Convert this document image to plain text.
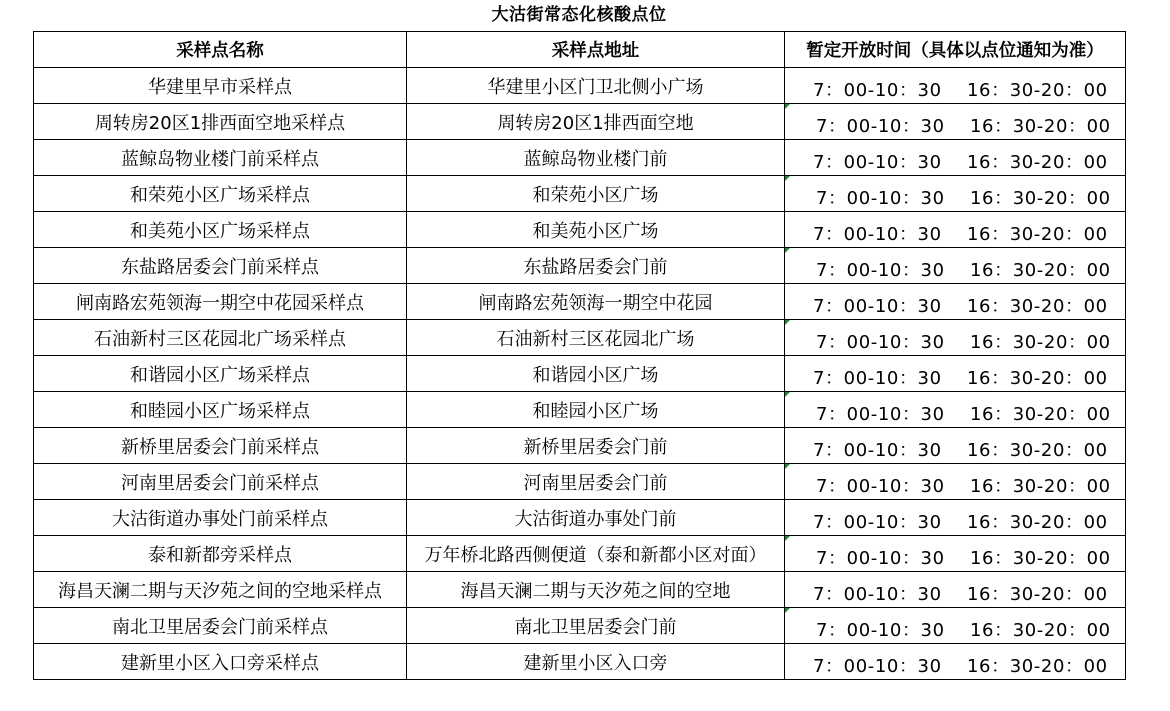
大沽街常态化核酸点位
采样点名称	采样点地址	暂定开放时间（具体以点位通知为准）
华建里早市采样点	华建里小区门卫北侧小广场	7：00-10：30 16：30-20：00

周转房20区1排西面空地采样点	周转房20区1排西面空地	7：00-10：30 16：30-20：00

蓝鲸岛物业楼门前采样点	蓝鲸岛物业楼门前	7：00-10：30 16：30-20：00

和荣苑小区广场采样点	和荣苑小区广场	7：00-10：30 16：30-20：00

和美苑小区广场采样点	和美苑小区广场	7：00-10：30 16：30-20：00

东盐路居委会门前采样点	东盐路居委会门前	7：00-10：30 16：30-20：00

闸南路宏苑领海一期空中花园采样点	闸南路宏苑领海一期空中花园	7：00-10：30 16：30-20：00

石油新村三区花园北广场采样点	石油新村三区花园北广场	7：00-10：30 16：30-20：00

和谐园小区广场采样点	和谐园小区广场	7：00-10：30 16：30-20：00

和睦园小区广场采样点	和睦园小区广场	7：00-10：30 16：30-20：00

新桥里居委会门前采样点	新桥里居委会门前	7：00-10：30 16：30-20：00

河南里居委会门前采样点	河南里居委会门前	7：00-10：30 16：30-20：00

大沽街道办事处门前采样点	大沽街道办事处门前	7：00-10：30 16：30-20：00

泰和新都旁采样点	万年桥北路西侧便道（泰和新都小区对面）	7：00-10：30 16：30-20：00

海昌天澜二期与天汐苑之间的空地采样点	海昌天澜二期与天汐苑之间的空地	7：00-10：30 16：30-20：00

南北卫里居委会门前采样点	南北卫里居委会门前	7：00-10：30 16：30-20：00

建新里小区入口旁采样点	建新里小区入口旁	7：00-10：30 16：30-20：00
